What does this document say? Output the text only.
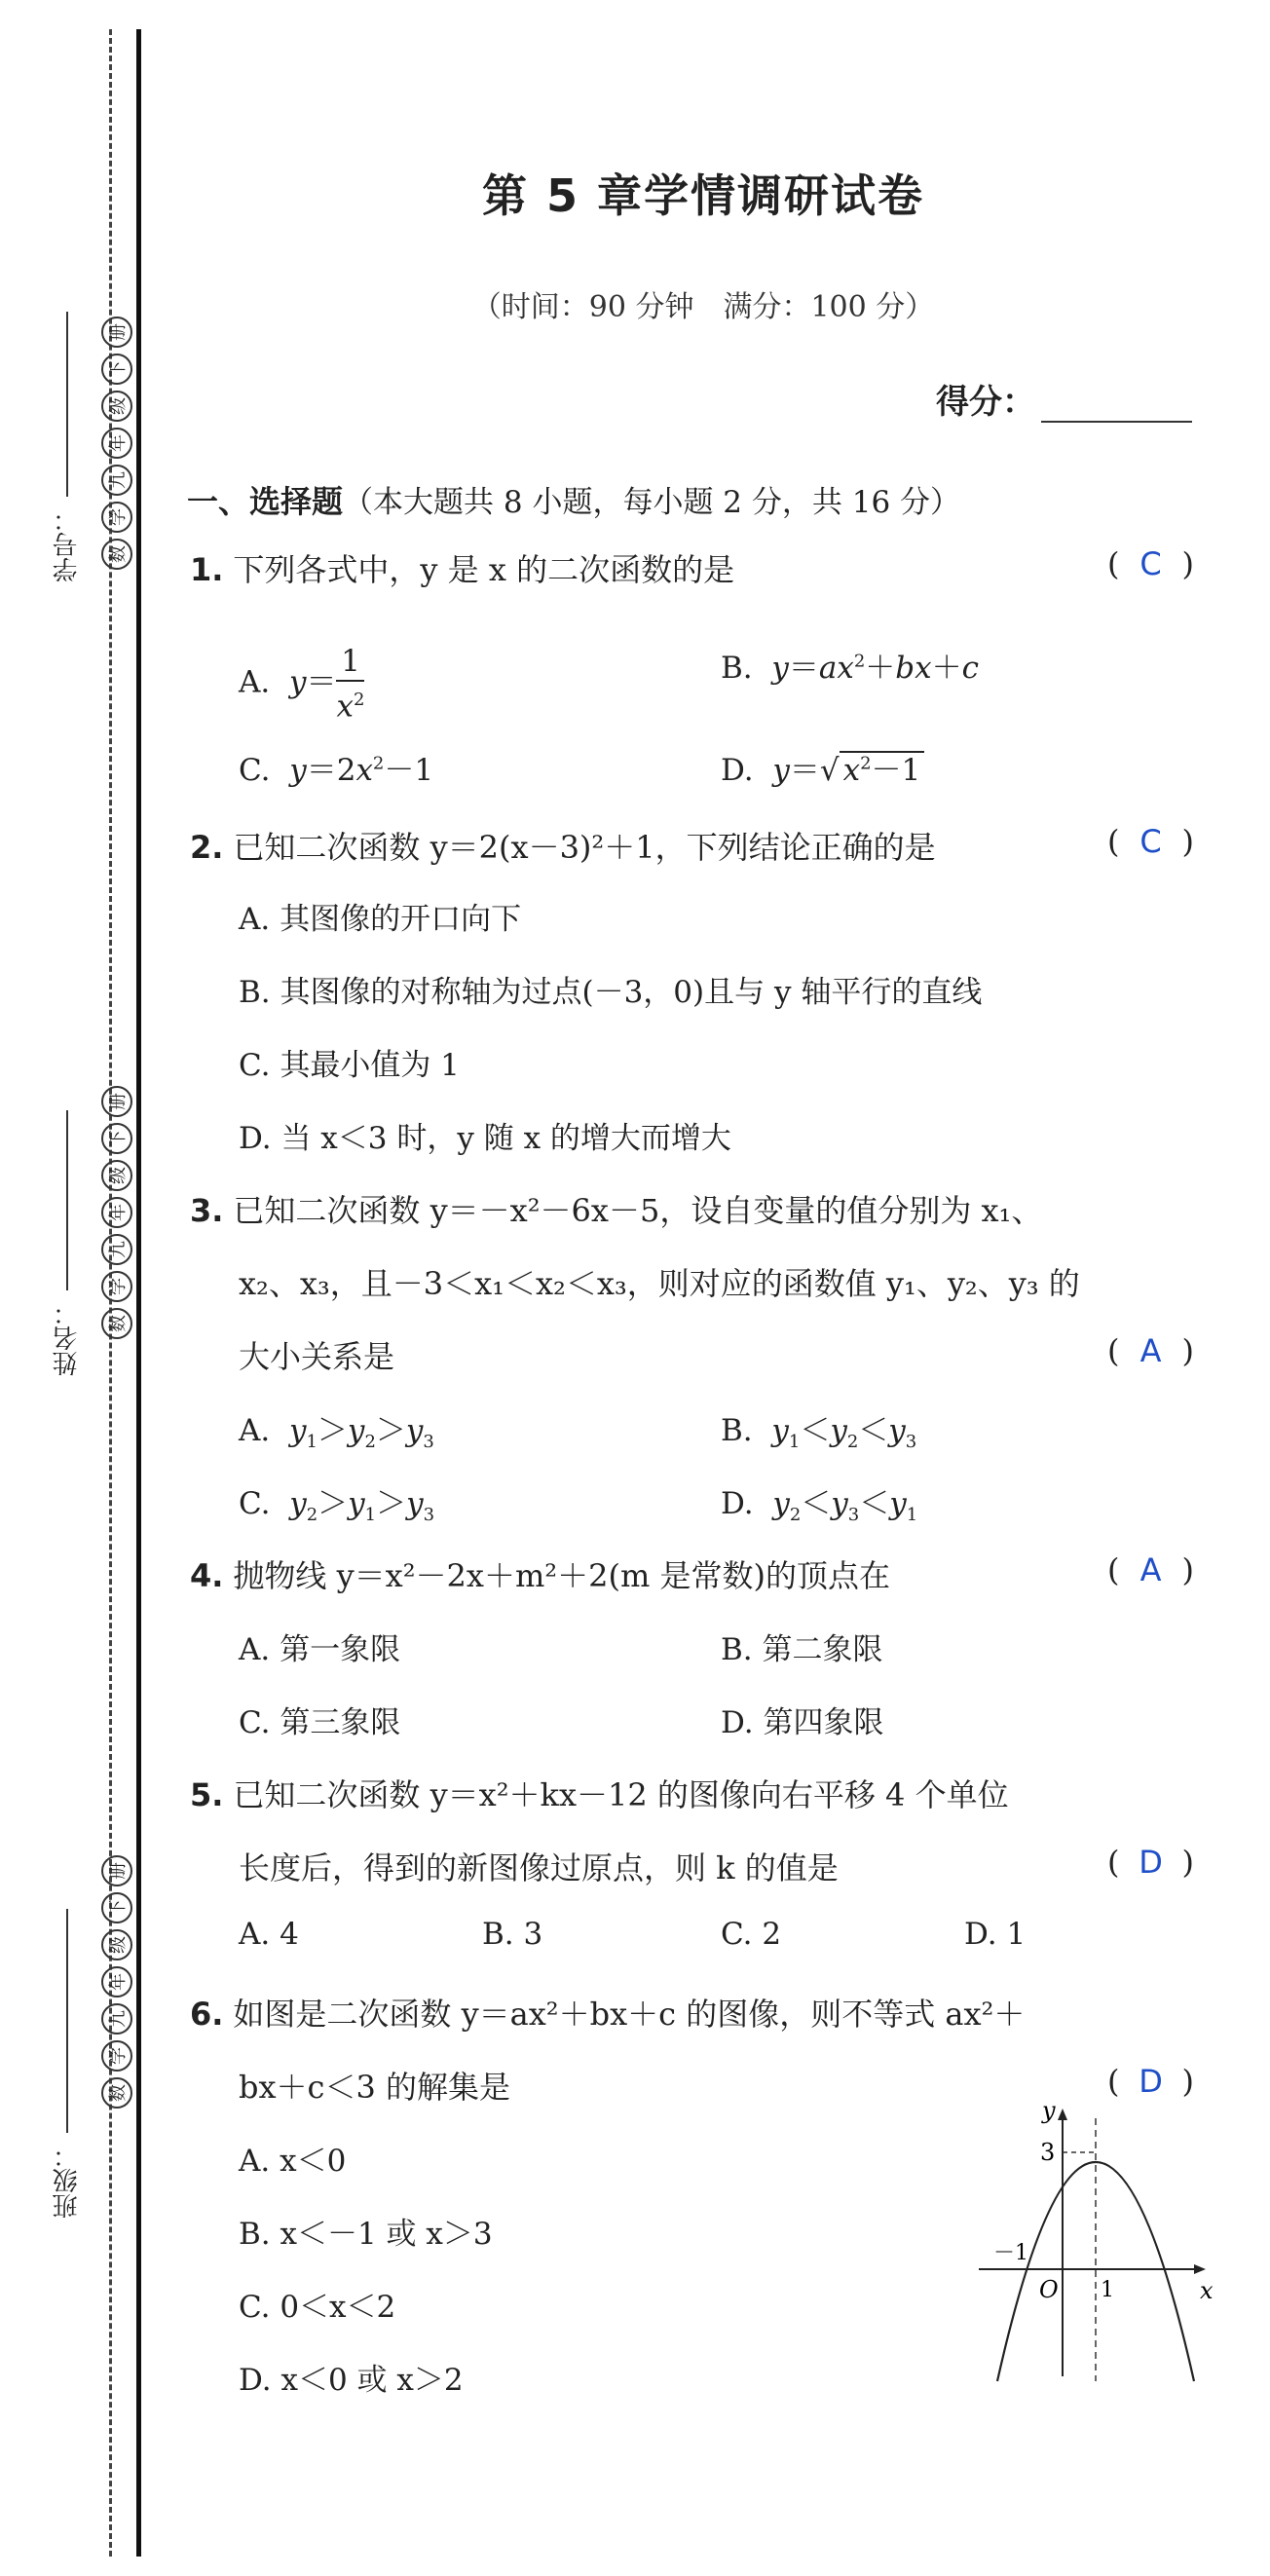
学号：	数
学
九
年
级
下
册
姓名：	数
学
九
年
级
下
册
班级：
数
学
九
年
级
下
册
第 5 章学情调研试卷
（时间：90 分钟　满分：100 分）
得分：
一、选择题（本大题共 8 小题，每小题 2 分，共 16 分）
1. 下列各式中，y 是 x 的二次函数的是	( C )
A.  $y= \frac{1}{x^2}$	B.  $y=ax^2+bx+c$
C.  $y=2x^2-1$	D.  y＝√ $x^2-1$
2. 已知二次函数 y＝2(x－3)²＋1，下列结论正确的是	( C )
A. 其图像的开口向下
B. 其图像的对称轴为过点(－3，0)且与 y 轴平行的直线
C. 其最小值为 1
D. 当 x＜3 时，y 随 x 的增大而增大
3. 已知二次函数 y＝－x²－6x－5，设自变量的值分别为 x₁、
x₂、x₃，且－3＜x₁＜x₂＜x₃，则对应的函数值 y₁、y₂、y₃ 的
大小关系是	( A )
A.  $y_1>y_2>y_3$	B.  $y_1<y_2<y_3$
C.  $y_2>y_1>y_3$	D.  $y_2<y_3<y_1$
4. 抛物线 y＝x²－2x＋m²＋2(m 是常数)的顶点在	( A )
A. 第一象限	B. 第二象限
C. 第三象限	D. 第四象限
5. 已知二次函数 y＝x²＋kx－12 的图像向右平移 4 个单位
长度后，得到的新图像过原点，则 k 的值是	( D )
A. 4	B. 3	C. 2	D. 1
6. 如图是二次函数 y＝ax²＋bx＋c 的图像，则不等式 ax²＋
bx＋c＜3 的解集是	( D )
A. x＜0
B. x＜－1 或 x＞3
C. 0＜x＜2
D. x＜0 或 x＞2
y
x
O
3
－1
1
